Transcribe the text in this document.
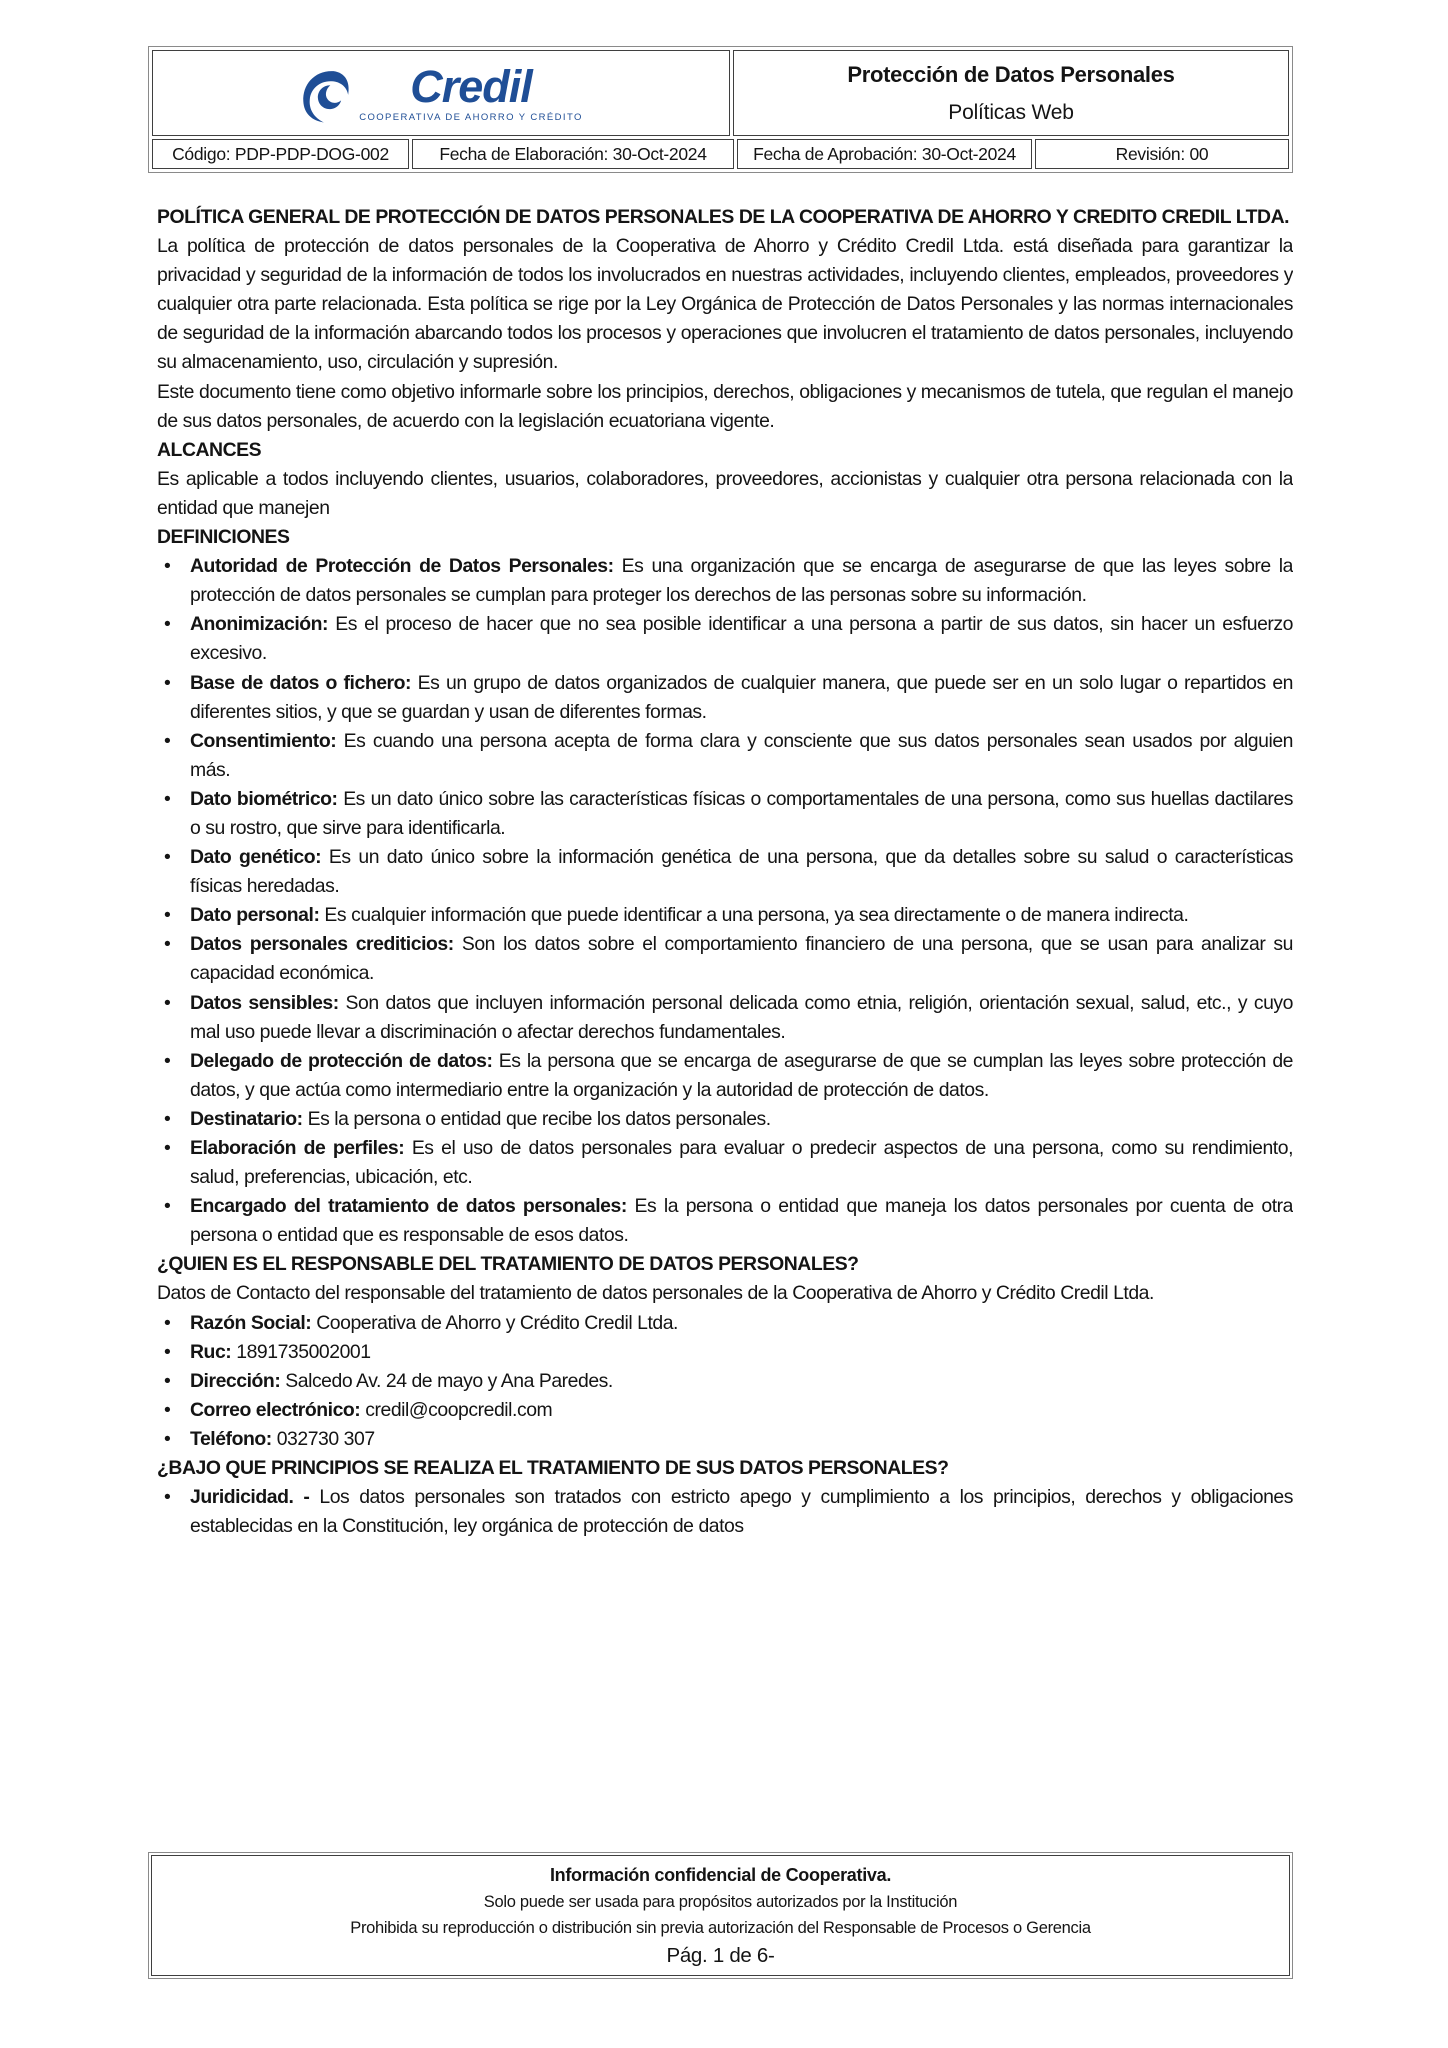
Credil
COOPERATIVA DE AHORRO Y CRÉDITO
Protección de Datos Personales
Políticas Web
Código: PDP-PDP-DOG-002	Fecha de Elaboración: 30-Oct-2024	Fecha de Aprobación: 30-Oct-2024	Revisión: 00
POLÍTICA GENERAL DE PROTECCIÓN DE DATOS PERSONALES DE LA COOPERATIVA DE AHORRO Y CREDITO CREDIL LTDA.
La política de protección de datos personales de la Cooperativa de Ahorro y Crédito Credil Ltda. está diseñada para garantizar la privacidad y seguridad de la información de todos los involucrados en nuestras actividades, incluyendo clientes, empleados, proveedores y cualquier otra parte relacionada. Esta política se rige por la Ley Orgánica de Protección de Datos Personales y las normas internacionales de seguridad de la información abarcando todos los procesos y operaciones que involucren el tratamiento de datos personales, incluyendo su almacenamiento, uso, circulación y supresión.
Este documento tiene como objetivo informarle sobre los principios, derechos, obligaciones y mecanismos de tutela, que regulan el manejo de sus datos personales, de acuerdo con la legislación ecuatoriana vigente.
ALCANCES
Es aplicable a todos incluyendo clientes, usuarios, colaboradores, proveedores, accionistas y cualquier otra persona relacionada con la entidad que manejen
DEFINICIONES
•	Autoridad de Protección de Datos Personales: Es una organización que se encarga de asegurarse de que las leyes sobre la protección de datos personales se cumplan para proteger los derechos de las personas sobre su información.
•	Anonimización: Es el proceso de hacer que no sea posible identificar a una persona a partir de sus datos, sin hacer un esfuerzo excesivo.
•	Base de datos o fichero: Es un grupo de datos organizados de cualquier manera, que puede ser en un solo lugar o repartidos en diferentes sitios, y que se guardan y usan de diferentes formas.
•	Consentimiento: Es cuando una persona acepta de forma clara y consciente que sus datos personales sean usados por alguien más.
•	Dato biométrico: Es un dato único sobre las características físicas o comportamentales de una persona, como sus huellas dactilares o su rostro, que sirve para identificarla.
•	Dato genético: Es un dato único sobre la información genética de una persona, que da detalles sobre su salud o características físicas heredadas.
•	Dato personal: Es cualquier información que puede identificar a una persona, ya sea directamente o de manera indirecta.
•	Datos personales crediticios: Son los datos sobre el comportamiento financiero de una persona, que se usan para analizar su capacidad económica.
•	Datos sensibles: Son datos que incluyen información personal delicada como etnia, religión, orientación sexual, salud, etc., y cuyo mal uso puede llevar a discriminación o afectar derechos fundamentales.
•	Delegado de protección de datos: Es la persona que se encarga de asegurarse de que se cumplan las leyes sobre protección de datos, y que actúa como intermediario entre la organización y la autoridad de protección de datos.
•	Destinatario: Es la persona o entidad que recibe los datos personales.
•	Elaboración de perfiles: Es el uso de datos personales para evaluar o predecir aspectos de una persona, como su rendimiento, salud, preferencias, ubicación, etc.
•	Encargado del tratamiento de datos personales: Es la persona o entidad que maneja los datos personales por cuenta de otra persona o entidad que es responsable de esos datos.
¿QUIEN ES EL RESPONSABLE DEL TRATAMIENTO DE DATOS PERSONALES?
Datos de Contacto del responsable del tratamiento de datos personales de la Cooperativa de Ahorro y Crédito Credil Ltda.
•	Razón Social: Cooperativa de Ahorro y Crédito Credil Ltda.
•	Ruc: 1891735002001
•	Dirección: Salcedo Av. 24 de mayo y Ana Paredes.
•	Correo electrónico: credil@coopcredil.com
•	Teléfono: 032730 307
¿BAJO QUE PRINCIPIOS SE REALIZA EL TRATAMIENTO DE SUS DATOS PERSONALES?
•	Juridicidad. - Los datos personales son tratados con estricto apego y cumplimiento a los principios, derechos y obligaciones establecidas en la Constitución, ley orgánica de protección de datos
Información confidencial de Cooperativa.
Solo puede ser usada para propósitos autorizados por la Institución
Prohibida su reproducción o distribución sin previa autorización del Responsable de Procesos o Gerencia
Pág. 1 de 6-
